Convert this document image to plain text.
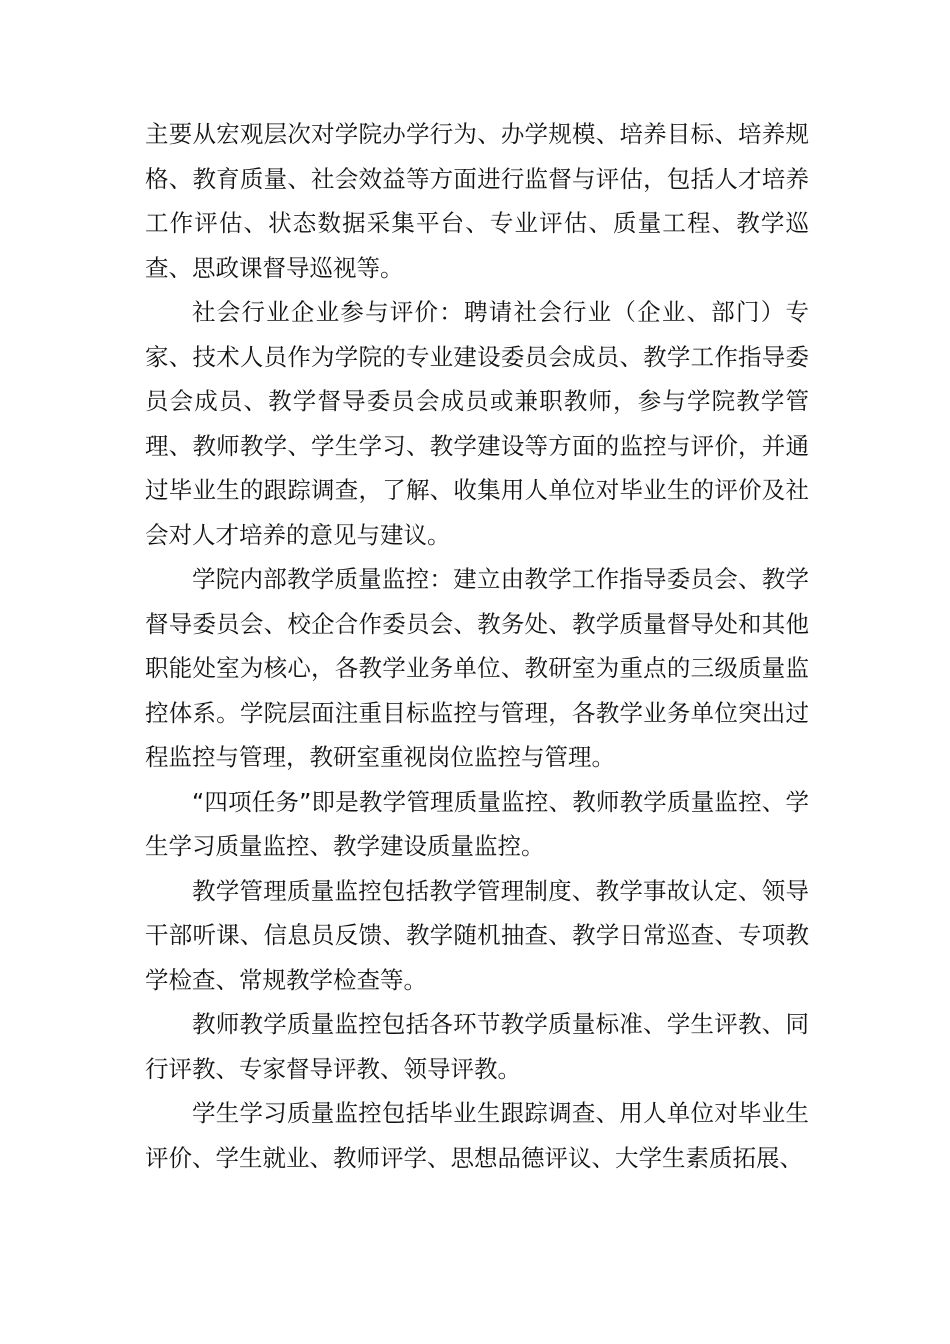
主要从宏观层次对学院办学行为、办学规模、培养目标、培养规格、教育质量、社会效益等方面进行监督与评估，包括人才培养工作评估、状态数据采集平台、专业评估、质量工程、教学巡查、思政课督导巡视等。

社会行业企业参与评价：聘请社会行业（企业、部门）专家、技术人员作为学院的专业建设委员会成员、教学工作指导委员会成员、教学督导委员会成员或兼职教师，参与学院教学管理、教师教学、学生学习、教学建设等方面的监控与评价，并通过毕业生的跟踪调查，了解、收集用人单位对毕业生的评价及社会对人才培养的意见与建议。

学院内部教学质量监控：建立由教学工作指导委员会、教学督导委员会、校企合作委员会、教务处、教学质量督导处和其他职能处室为核心，各教学业务单位、教研室为重点的三级质量监控体系。学院层面注重目标监控与管理，各教学业务单位突出过程监控与管理，教研室重视岗位监控与管理。

“四项任务”即是教学管理质量监控、教师教学质量监控、学生学习质量监控、教学建设质量监控。

教学管理质量监控包括教学管理制度、教学事故认定、领导干部听课、信息员反馈、教学随机抽查、教学日常巡查、专项教学检查、常规教学检查等。

教师教学质量监控包括各环节教学质量标准、学生评教、同行评教、专家督导评教、领导评教。

学生学习质量监控包括毕业生跟踪调查、用人单位对毕业生评价、学生就业、教师评学、思想品德评议、大学生素质拓展、
